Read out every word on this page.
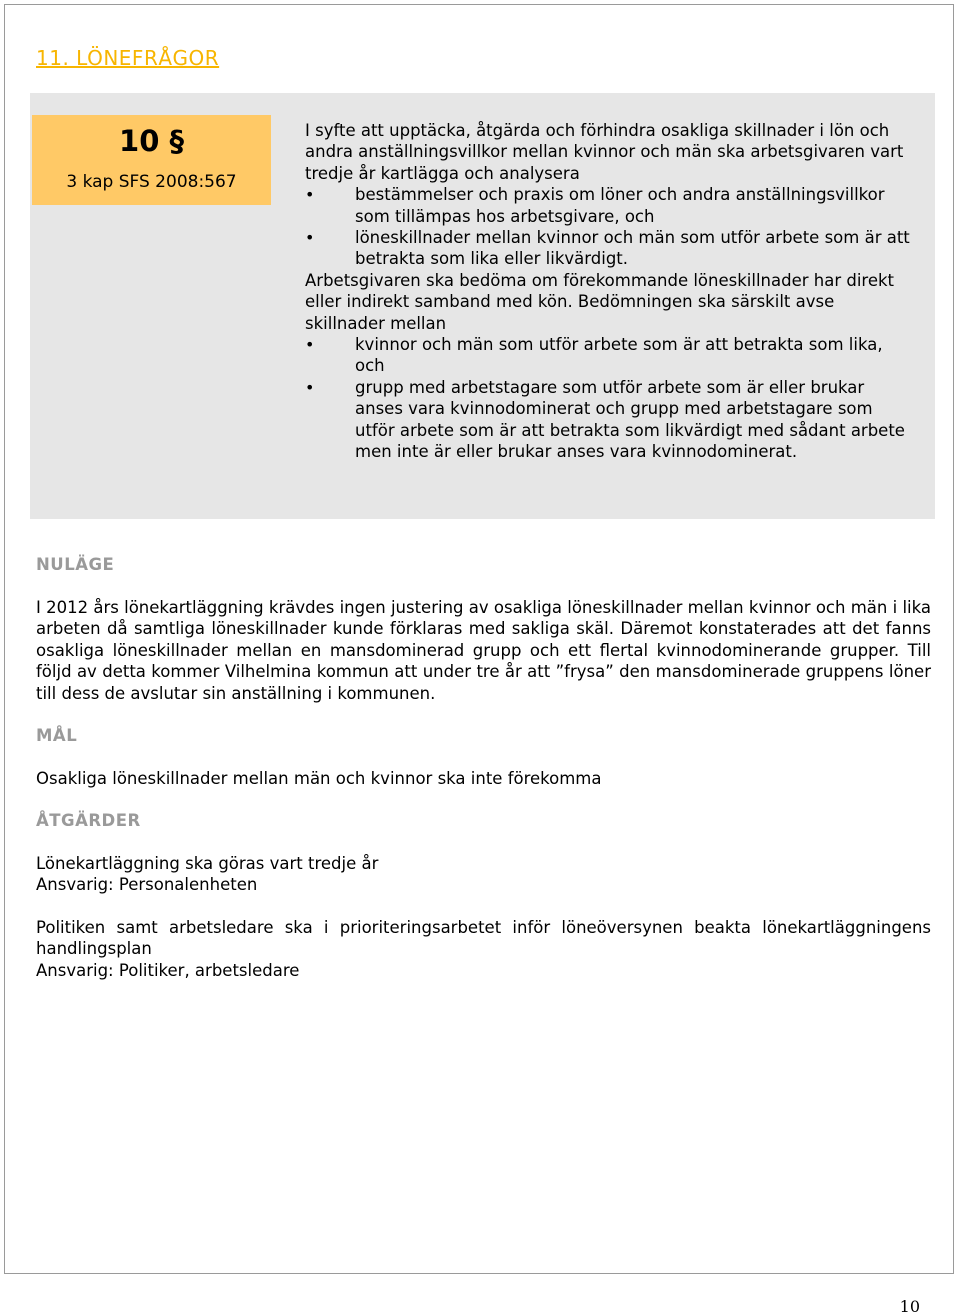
11. LÖNEFRÅGOR
10 §
3 kap SFS 2008:567

I syfte att upptäcka, åtgärda och förhindra osakliga skillnader i lön och andra anställningsvillkor mellan kvinnor och män ska arbetsgivaren vart tredje år kartlägga och analysera

• bestämmelser och praxis om löner och andra anställningsvillkor som tillämpas hos arbetsgivare, och
• löneskillnader mellan kvinnor och män som utför arbete som är att betrakta som lika eller likvärdigt.

Arbetsgivaren ska bedöma om förekommande löneskillnader har direkt eller indirekt samband med kön. Bedömningen ska särskilt avse skillnader mellan

• kvinnor och män som utför arbete som är att betrakta som lika, och
• grupp med arbetstagare som utför arbete som är eller brukar anses vara kvinnodominerat och grupp med arbetstagare som utför arbete som är att betrakta som likvärdigt med sådant arbete men inte är eller brukar anses vara kvinnodominerat.
NULÄGE

I 2012 års lönekartläggning krävdes ingen justering av osakliga löneskillnader mellan kvinnor och män i lika arbeten då samtliga löneskillnader kunde förklaras med sakliga skäl. Däremot konstaterades att det fanns osakliga löneskillnader mellan en mansdominerad grupp och ett flertal kvinnodominerande grupper. Till följd av detta kommer Vilhelmina kommun att under tre år att ”frysa” den mansdominerade gruppens löner till dess de avslutar sin anställning i kommunen.

MÅL

Osakliga löneskillnader mellan män och kvinnor ska inte förekomma

ÅTGÄRDER

Lönekartläggning ska göras vart tredje år
Ansvarig: Personalenheten

Politiken samt arbetsledare ska i prioriteringsarbetet inför löneöversynen beakta lönekartläggningens handlingsplan
Ansvarig: Politiker, arbetsledare

10
